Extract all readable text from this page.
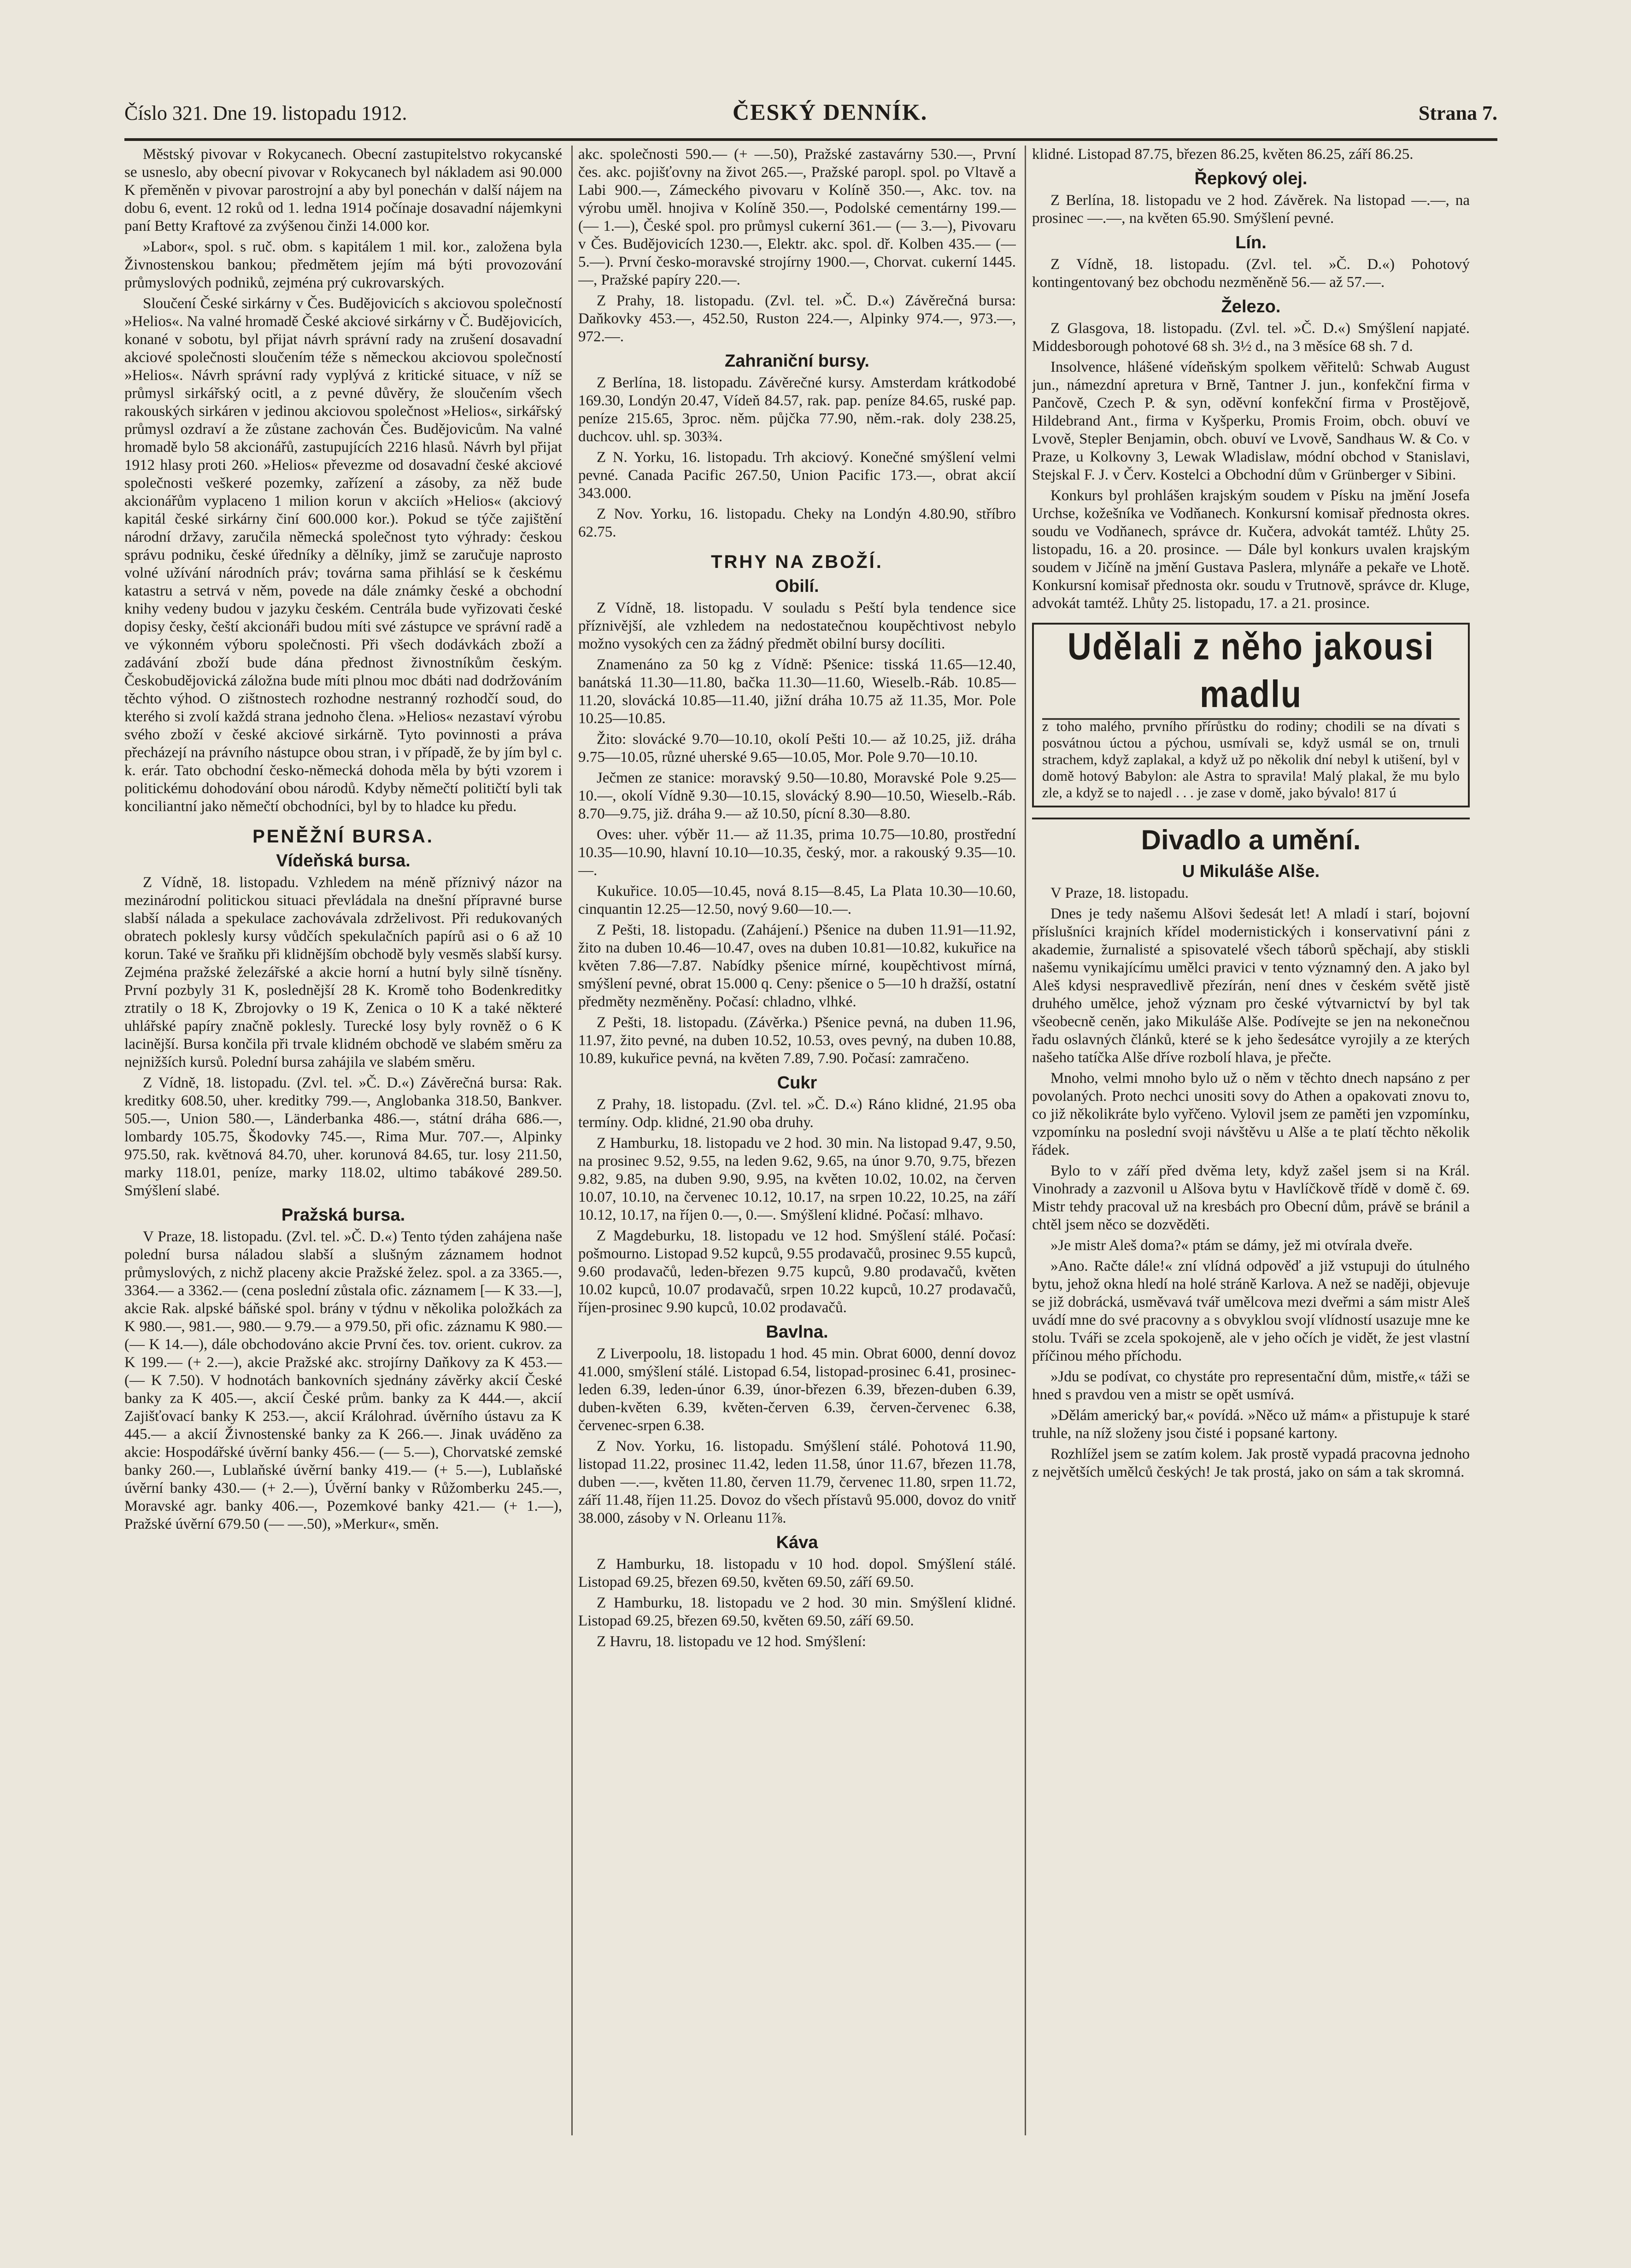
Číslo 321. Dne 19. listopadu 1912.	ČESKÝ DENNÍK.	Strana 7.

Městský pivovar v Rokycanech. Obecní zastupitelstvo rokycanské se usneslo, aby obecní pivovar v Rokycanech byl nákladem asi 90.000 K přeměněn v pivovar parostrojní a aby byl ponechán v další nájem na dobu 6, event. 12 roků od 1. ledna 1914 počínaje dosavadní nájemkyni paní Betty Kraftové za zvýšenou činži 14.000 kor.

»Labor«, spol. s ruč. obm. s kapitálem 1 mil. kor., založena byla Živnostenskou bankou; předmětem jejím má býti provozování průmyslových podniků, zejména prý cukrovarských.

Sloučení České sirkárny v Čes. Budějovicích s akciovou společností »Helios«. Na valné hromadě České akciové sirkárny v Č. Budějovicích, konané v sobotu, byl přijat návrh správní rady na zrušení dosavadní akciové společnosti sloučením téže s německou akciovou společností »Helios«. Návrh správní rady vyplývá z kritické situace, v níž se průmysl sirkářský ocitl, a z pevné důvěry, že sloučením všech rakouských sirkáren v jedinou akciovou společnost »Helios«, sirkářský průmysl ozdraví a že zůstane zachován Čes. Budějovicům. Na valné hromadě bylo 58 akcionářů, zastupujících 2216 hlasů. Návrh byl přijat 1912 hlasy proti 260. »Helios« převezme od dosavadní české akciové společnosti veškeré pozemky, zařízení a zásoby, za něž bude akcionářům vyplaceno 1 milion korun v akciích »Helios« (akciový kapitál české sirkárny činí 600.000 kor.). Pokud se týče zajištění národní državy, zaručila německá společnost tyto výhrady: českou správu podniku, české úředníky a dělníky, jimž se zaručuje naprosto volné užívání národních práv; továrna sama přihlásí se k českému katastru a setrvá v něm, povede na dále známky české a obchodní knihy vedeny budou v jazyku českém. Centrála bude vyřizovati české dopisy česky, čeští akcionáři budou míti své zástupce ve správní radě a ve výkonném výboru společnosti. Při všech dodávkách zboží a zadávání zboží bude dána přednost živnostníkům českým. Českobudějovická záložna bude míti plnou moc dbáti nad dodržováním těchto výhod. O zištnostech rozhodne nestranný rozhodčí soud, do kterého si zvolí každá strana jednoho člena. »Helios« nezastaví výrobu svého zboží v české akciové sirkárně. Tyto povinnosti a práva přecházejí na právního nástupce obou stran, i v případě, že by jím byl c. k. erár. Tato obchodní česko-německá dohoda měla by býti vzorem i politickému dohodování obou národů. Kdyby němečtí političtí byli tak konciliantní jako němečtí obchodníci, byl by to hladce ku předu.

PENĚŽNÍ BURSA.
Vídeňská bursa.

Z Vídně, 18. listopadu. Vzhledem na méně příznivý názor na mezinárodní politickou situaci převládala na dnešní přípravné burse slabší nálada a spekulace zachovávala zdrželivost. Při redukovaných obratech poklesly kursy vůdčích spekulačních papírů asi o 6 až 10 korun. Také ve šraňku při klidnějším obchodě byly vesměs slabší kursy. Zejména pražské železářské a akcie horní a hutní byly silně tísněny. První pozbyly 31 K, poslednější 28 K. Kromě toho Bodenkreditky ztratily o 18 K, Zbrojovky o 19 K, Zenica o 10 K a také některé uhlářské papíry značně poklesly. Turecké losy byly rovněž o 6 K lacinější. Bursa končila při trvale klidném obchodě ve slabém směru za nejnižších kursů. Polední bursa zahájila ve slabém směru.

Z Vídně, 18. listopadu. (Zvl. tel. »Č. D.«) Závěrečná bursa: Rak. kreditky 608.50, uher. kreditky 799.—, Anglobanka 318.50, Bankver. 505.—, Union 580.—, Länderbanka 486.—, státní dráha 686.—, lombardy 105.75, Škodovky 745.—, Rima Mur. 707.—, Alpinky 975.50, rak. květnová 84.70, uher. korunová 84.65, tur. losy 211.50, marky 118.01, peníze, marky 118.02, ultimo tabákové 289.50. Smýšlení slabé.

Pražská bursa.

V Praze, 18. listopadu. (Zvl. tel. »Č. D.«) Tento týden zahájena naše polední bursa náladou slabší a slušným záznamem hodnot průmyslových, z nichž placeny akcie Pražské želez. spol. a za 3365.—, 3364.— a 3362.— (cena poslední zůstala ofic. záznamem [— K 33.—], akcie Rak. alpské báňské spol. brány v týdnu v několika položkách za K 980.—, 981.—, 980.— 9.79.— a 979.50, při ofic. záznamu K 980.— (— K 14.—), dále obchodováno akcie První čes. tov. orient. cukrov. za K 199.— (+ 2.—), akcie Pražské akc. strojírny Daňkovy za K 453.— (— K 7.50). V hodnotách bankovních sjednány závěrky akcií České banky za K 405.—, akcií České prům. banky za K 444.—, akcií Zajišťovací banky K 253.—, akcií Králohrad. úvěrního ústavu za K 445.— a akcií Živnostenské banky za K 266.—. Jinak uváděno za akcie: Hospodářské úvěrní banky 456.— (— 5.—), Chorvatské zemské banky 260.—, Lublaňské úvěrní banky 419.— (+ 5.—), Lublaňské úvěrní banky 430.— (+ 2.—), Úvěrní banky v Růžomberku 245.—, Moravské agr. banky 406.—, Pozemkové banky 421.— (+ 1.—), Pražské úvěrní 679.50 (— —.50), »Merkur«, směn.

akc. společnosti 590.— (+ —.50), Pražské zastavárny 530.—, První čes. akc. pojišťovny na život 265.—, Pražské paropl. spol. po Vltavě a Labi 900.—, Zámeckého pivovaru v Kolíně 350.—, Akc. tov. na výrobu uměl. hnojiva v Kolíně 350.—, Podolské cementárny 199.— (— 1.—), České spol. pro průmysl cukerní 361.— (— 3.—), Pivovaru v Čes. Budějovicích 1230.—, Elektr. akc. spol. dř. Kolben 435.— (— 5.—). První česko-moravské strojírny 1900.—, Chorvat. cukerní 1445.—, Pražské papíry 220.—.

Z Prahy, 18. listopadu. (Zvl. tel. »Č. D.«) Závěrečná bursa: Daňkovky 453.—, 452.50, Ruston 224.—, Alpinky 974.—, 973.—, 972.—.

Zahraniční bursy.

Z Berlína, 18. listopadu. Závěrečné kursy. Amsterdam krátkodobé 169.30, Londýn 20.47, Vídeň 84.57, rak. pap. peníze 84.65, ruské pap. peníze 215.65, 3proc. něm. půjčka 77.90, něm.-rak. doly 238.25, duchcov. uhl. sp. 303¾.

Z N. Yorku, 16. listopadu. Trh akciový. Konečné smýšlení velmi pevné. Canada Pacific 267.50, Union Pacific 173.—, obrat akcií 343.000.

Z Nov. Yorku, 16. listopadu. Cheky na Londýn 4.80.90, stříbro 62.75.

TRHY NA ZBOŽÍ.
Obilí.

Z Vídně, 18. listopadu. V souladu s Peští byla tendence sice příznivější, ale vzhledem na nedostatečnou koupěchtivost nebylo možno vysokých cen za žádný předmět obilní bursy docíliti.

Znamenáno za 50 kg z Vídně: Pšenice: tisská 11.65—12.40, banátská 11.30—11.80, bačka 11.30—11.60, Wieselb.-Ráb. 10.85—11.20, slovácká 10.85—11.40, jižní dráha 10.75 až 11.35, Mor. Pole 10.25—10.85.

Žito: slovácké 9.70—10.10, okolí Pešti 10.— až 10.25, již. dráha 9.75—10.05, různé uherské 9.65—10.05, Mor. Pole 9.70—10.10.

Ječmen ze stanice: moravský 9.50—10.80, Moravské Pole 9.25—10.—, okolí Vídně 9.30—10.15, slovácký 8.90—10.50, Wieselb.-Ráb. 8.70—9.75, již. dráha 9.— až 10.50, pícní 8.30—8.80.

Oves: uher. výběr 11.— až 11.35, prima 10.75—10.80, prostřední 10.35—10.90, hlavní 10.10—10.35, český, mor. a rakouský 9.35—10.—.

Kukuřice. 10.05—10.45, nová 8.15—8.45, La Plata 10.30—10.60, cinquantin 12.25—12.50, nový 9.60—10.—.

Z Pešti, 18. listopadu. (Zahájení.) Pšenice na duben 11.91—11.92, žito na duben 10.46—10.47, oves na duben 10.81—10.82, kukuřice na květen 7.86—7.87. Nabídky pšenice mírné, koupěchtivost mírná, smýšlení pevné, obrat 15.000 q. Ceny: pšenice o 5—10 h dražší, ostatní předměty nezměněny. Počasí: chladno, vlhké.

Z Pešti, 18. listopadu. (Závěrka.) Pšenice pevná, na duben 11.96, 11.97, žito pevné, na duben 10.52, 10.53, oves pevný, na duben 10.88, 10.89, kukuřice pevná, na květen 7.89, 7.90. Počasí: zamračeno.

Cukr

Z Prahy, 18. listopadu. (Zvl. tel. »Č. D.«) Ráno klidné, 21.95 oba termíny. Odp. klidné, 21.90 oba druhy.

Z Hamburku, 18. listopadu ve 2 hod. 30 min. Na listopad 9.47, 9.50, na prosinec 9.52, 9.55, na leden 9.62, 9.65, na únor 9.70, 9.75, březen 9.82, 9.85, na duben 9.90, 9.95, na květen 10.02, 10.02, na červen 10.07, 10.10, na červenec 10.12, 10.17, na srpen 10.22, 10.25, na září 10.12, 10.17, na říjen 0.—, 0.—. Smýšlení klidné. Počasí: mlhavo.

Z Magdeburku, 18. listopadu ve 12 hod. Smýšlení stálé. Počasí: pošmourno. Listopad 9.52 kupců, 9.55 prodavačů, prosinec 9.55 kupců, 9.60 prodavačů, leden-březen 9.75 kupců, 9.80 prodavačů, květen 10.02 kupců, 10.07 prodavačů, srpen 10.22 kupců, 10.27 prodavačů, říjen-prosinec 9.90 kupců, 10.02 prodavačů.

Bavlna.

Z Liverpoolu, 18. listopadu 1 hod. 45 min. Obrat 6000, denní dovoz 41.000, smýšlení stálé. Listopad 6.54, listopad-prosinec 6.41, prosinec-leden 6.39, leden-únor 6.39, únor-březen 6.39, březen-duben 6.39, duben-květen 6.39, květen-červen 6.39, červen-červenec 6.38, červenec-srpen 6.38.

Z Nov. Yorku, 16. listopadu. Smýšlení stálé. Pohotová 11.90, listopad 11.22, prosinec 11.42, leden 11.58, únor 11.67, březen 11.78, duben —.—, květen 11.80, červen 11.79, červenec 11.80, srpen 11.72, září 11.48, říjen 11.25. Dovoz do všech přístavů 95.000, dovoz do vnitř 38.000, zásoby v N. Orleanu 11⅞.

Káva

Z Hamburku, 18. listopadu v 10 hod. dopol. Smýšlení stálé. Listopad 69.25, březen 69.50, květen 69.50, září 69.50.

Z Hamburku, 18. listopadu ve 2 hod. 30 min. Smýšlení klidné. Listopad 69.25, březen 69.50, květen 69.50, září 69.50.

Z Havru, 18. listopadu ve 12 hod. Smýšlení:

klidné. Listopad 87.75, březen 86.25, květen 86.25, září 86.25.

Řepkový olej.

Z Berlína, 18. listopadu ve 2 hod. Závěrek. Na listopad —.—, na prosinec —.—, na květen 65.90. Smýšlení pevné.

Lín.

Z Vídně, 18. listopadu. (Zvl. tel. »Č. D.«) Pohotový kontingentovaný bez obchodu nezměněně 56.— až 57.—.

Železo.

Z Glasgova, 18. listopadu. (Zvl. tel. »Č. D.«) Smýšlení napjaté. Middesborough pohotové 68 sh. 3½ d., na 3 měsíce 68 sh. 7 d.

Insolvence, hlášené vídeňským spolkem věřitelů: Schwab August jun., námezdní apretura v Brně, Tantner J. jun., konfekční firma v Pančově, Czech P. & syn, oděvní konfekční firma v Prostějově, Hildebrand Ant., firma v Kyšperku, Promis Froim, obch. obuví ve Lvově, Stepler Benjamin, obch. obuví ve Lvově, Sandhaus W. & Co. v Praze, u Kolkovny 3, Lewak Wladislaw, módní obchod v Stanislavi, Stejskal F. J. v Červ. Kostelci a Obchodní dům v Grünberger v Sibini.

Konkurs byl prohlášen krajským soudem v Písku na jmění Josefa Urchse, kožešníka ve Vodňanech. Konkursní komisař přednosta okres. soudu ve Vodňanech, správce dr. Kučera, advokát tamtéž. Lhůty 25. listopadu, 16. a 20. prosince. — Dále byl konkurs uvalen krajským soudem v Jičíně na jmění Gustava Paslera, mlynáře a pekaře ve Lhotě. Konkursní komisař přednosta okr. soudu v Trutnově, správce dr. Kluge, advokát tamtéž. Lhůty 25. listopadu, 17. a 21. prosince.

Udělali z něho jakousi madlu
z toho malého, prvního přírůstku do rodiny; chodili se na dívati s posvátnou úctou a pýchou, usmívali se, když usmál se on, trnuli strachem, když zaplakal, a když už po několik dní nebyl k utišení, byl v domě hotový Babylon: ale Astra to spravila! Malý plakal, že mu bylo zle, a když se to najedl . . . je zase v domě, jako bývalo! 817 ú
Divadlo a umění.
U Mikuláše Alše.

V Praze, 18. listopadu.

Dnes je tedy našemu Alšovi šedesát let! A mladí i starí, bojovní příslušníci krajních křídel modernistických i konservativní páni z akademie, žurnalisté a spisovatelé všech táborů spěchají, aby stiskli našemu vynikajícímu umělci pravici v tento významný den. A jako byl Aleš kdysi nespravedlivě přezírán, není dnes v českém světě jistě druhého umělce, jehož význam pro české výtvarnictví by byl tak všeobecně ceněn, jako Mikuláše Alše. Podívejte se jen na nekonečnou řadu oslavných článků, které se k jeho šedesátce vyrojily a ze kterých našeho tatíčka Alše dříve rozbolí hlava, je přečte.

Mnoho, velmi mnoho bylo už o něm v těchto dnech napsáno z per povolaných. Proto nechci unositi sovy do Athen a opakovati znovu to, co již několikráte bylo vyřčeno. Vylovil jsem ze paměti jen vzpomínku, vzpomínku na poslední svoji návštěvu u Alše a te platí těchto několik řádek.

Bylo to v září před dvěma lety, když zašel jsem si na Král. Vinohrady a zazvonil u Alšova bytu v Havlíčkově třídě v domě č. 69. Mistr tehdy pracoval už na kresbách pro Obecní dům, právě se bránil a chtěl jsem něco se dozvěděti.

»Je mistr Aleš doma?« ptám se dámy, jež mi otvírala dveře.

»Ano. Račte dále!« zní vlídná odpověď a již vstupuji do útulného bytu, jehož okna hledí na holé stráně Karlova. A než se naději, objevuje se již dobrácká, usměvavá tvář umělcova mezi dveřmi a sám mistr Aleš uvádí mne do své pracovny a s obvyklou svojí vlídností usazuje mne ke stolu. Tváři se zcela spokojeně, ale v jeho očích je vidět, že jest vlastní příčinou mého příchodu.

»Jdu se podívat, co chystáte pro representační dům, mistře,« táži se hned s pravdou ven a mistr se opět usmívá.

»Dělám americký bar,« povídá. »Něco už mám« a přistupuje k staré truhle, na níž složeny jsou čisté i popsané kartony.

Rozhlížel jsem se zatím kolem. Jak prostě vypadá pracovna jednoho z největších umělců českých! Je tak prostá, jako on sám a tak skromná.
